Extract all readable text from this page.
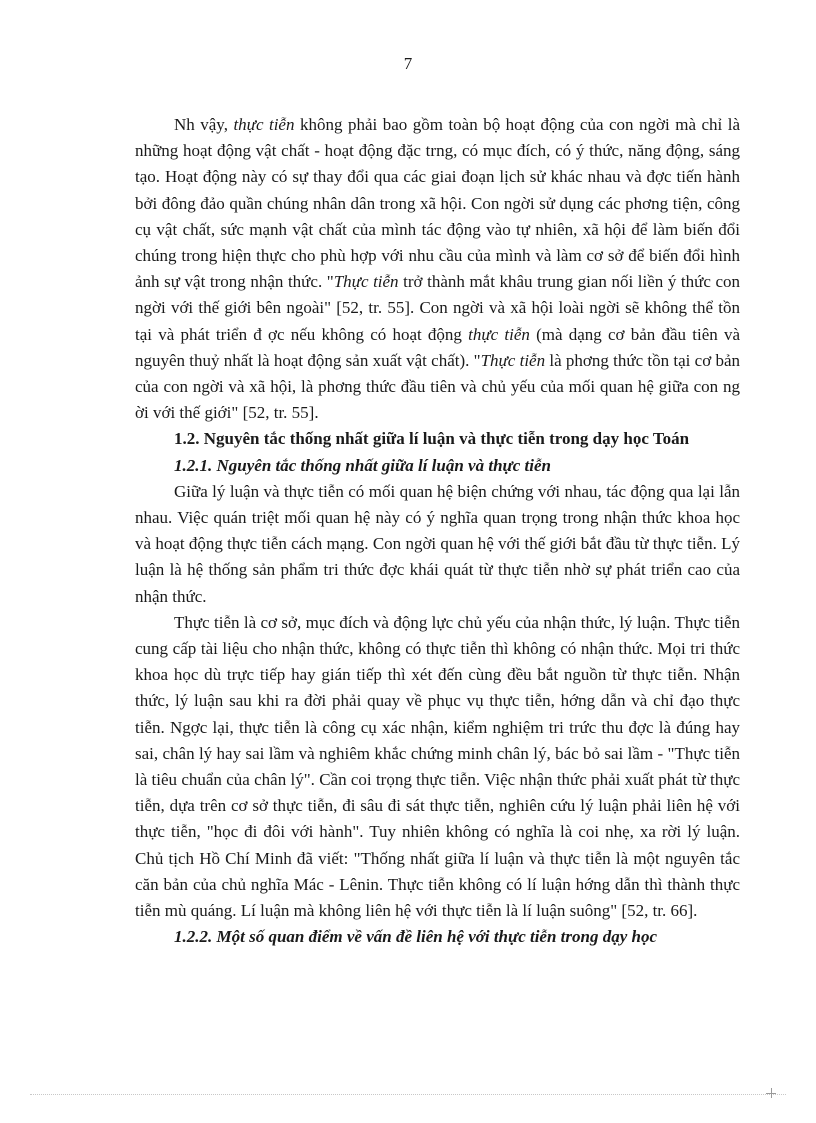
7

Nh vậy, thực tiễn không phải bao gồm toàn bộ hoạt động của con ngời mà chỉ là những hoạt động vật chất - hoạt động đặc trng, có mục đích, có ý thức, năng động, sáng tạo. Hoạt động này có sự thay đổi qua các giai đoạn lịch sử khác nhau và đợc tiến hành bởi đông đảo quần chúng nhân dân trong xã hội. Con ngời sử dụng các phơng tiện, công cụ vật chất, sức mạnh vật chất của mình tác động vào tự nhiên, xã hội để làm biến đổi chúng trong hiện thực cho phù hợp với nhu cầu của mình và làm cơ sở để biến đổi hình ảnh sự vật trong nhận thức. "Thực tiễn trở thành mắt khâu trung gian nối liền ý thức con ngời với thế giới bên ngoài" [52, tr. 55]. Con ngời và xã hội loài ngời sẽ không thể tồn tại và phát triển đ ợc nếu không có hoạt động thực tiễn (mà dạng cơ bản đầu tiên và nguyên thuỷ nhất là hoạt động sản xuất vật chất). "Thực tiễn là phơng thức tồn tại cơ bản của con ngời và xã hội, là phơng thức đầu tiên và chủ yếu của mối quan hệ giữa con ng ời với thế giới" [52, tr. 55].

1.2. Nguyên tắc thống nhất giữa lí luận và thực tiễn trong dạy học Toán
1.2.1. Nguyên tắc thống nhất giữa lí luận và thực tiễn

Giữa lý luận và thực tiễn có mối quan hệ biện chứng với nhau, tác động qua lại lẫn nhau. Việc quán triệt mối quan hệ này có ý nghĩa quan trọng trong nhận thức khoa học và hoạt động thực tiễn cách mạng. Con ngời quan hệ với thế giới bắt đầu từ thực tiễn. Lý luận là hệ thống sản phẩm tri thức đợc khái quát từ thực tiễn nhờ sự phát triển cao của nhận thức.

Thực tiễn là cơ sở, mục đích và động lực chủ yếu của nhận thức, lý luận. Thực tiễn cung cấp tài liệu cho nhận thức, không có thực tiễn thì không có nhận thức. Mọi tri thức khoa học dù trực tiếp hay gián tiếp thì xét đến cùng đều bắt nguồn từ thực tiễn. Nhận thức, lý luận sau khi ra đời phải quay về phục vụ thực tiễn, hớng dẫn và chỉ đạo thực tiễn. Ngợc lại, thực tiễn là công cụ xác nhận, kiểm nghiệm tri trức thu đợc là đúng hay sai, chân lý hay sai lầm và nghiêm khắc chứng minh chân lý, bác bỏ sai lầm - "Thực tiễn là tiêu chuẩn của chân lý". Cần coi trọng thực tiễn. Việc nhận thức phải xuất phát từ thực tiễn, dựa trên cơ sở thực tiễn, đi sâu đi sát thực tiễn, nghiên cứu lý luận phải liên hệ với thực tiễn, "học đi đôi với hành". Tuy nhiên không có nghĩa là coi nhẹ, xa rời lý luận. Chủ tịch Hồ Chí Minh đã viết: "Thống nhất giữa lí luận và thực tiễn là một nguyên tắc căn bản của chủ nghĩa Mác - Lênin. Thực tiễn không có lí luận hớng dẫn thì thành thực tiễn mù quáng. Lí luận mà không liên hệ với thực tiễn là lí luận suông" [52, tr. 66].

1.2.2. Một số quan điểm về vấn đề liên hệ với thực tiễn trong dạy học
